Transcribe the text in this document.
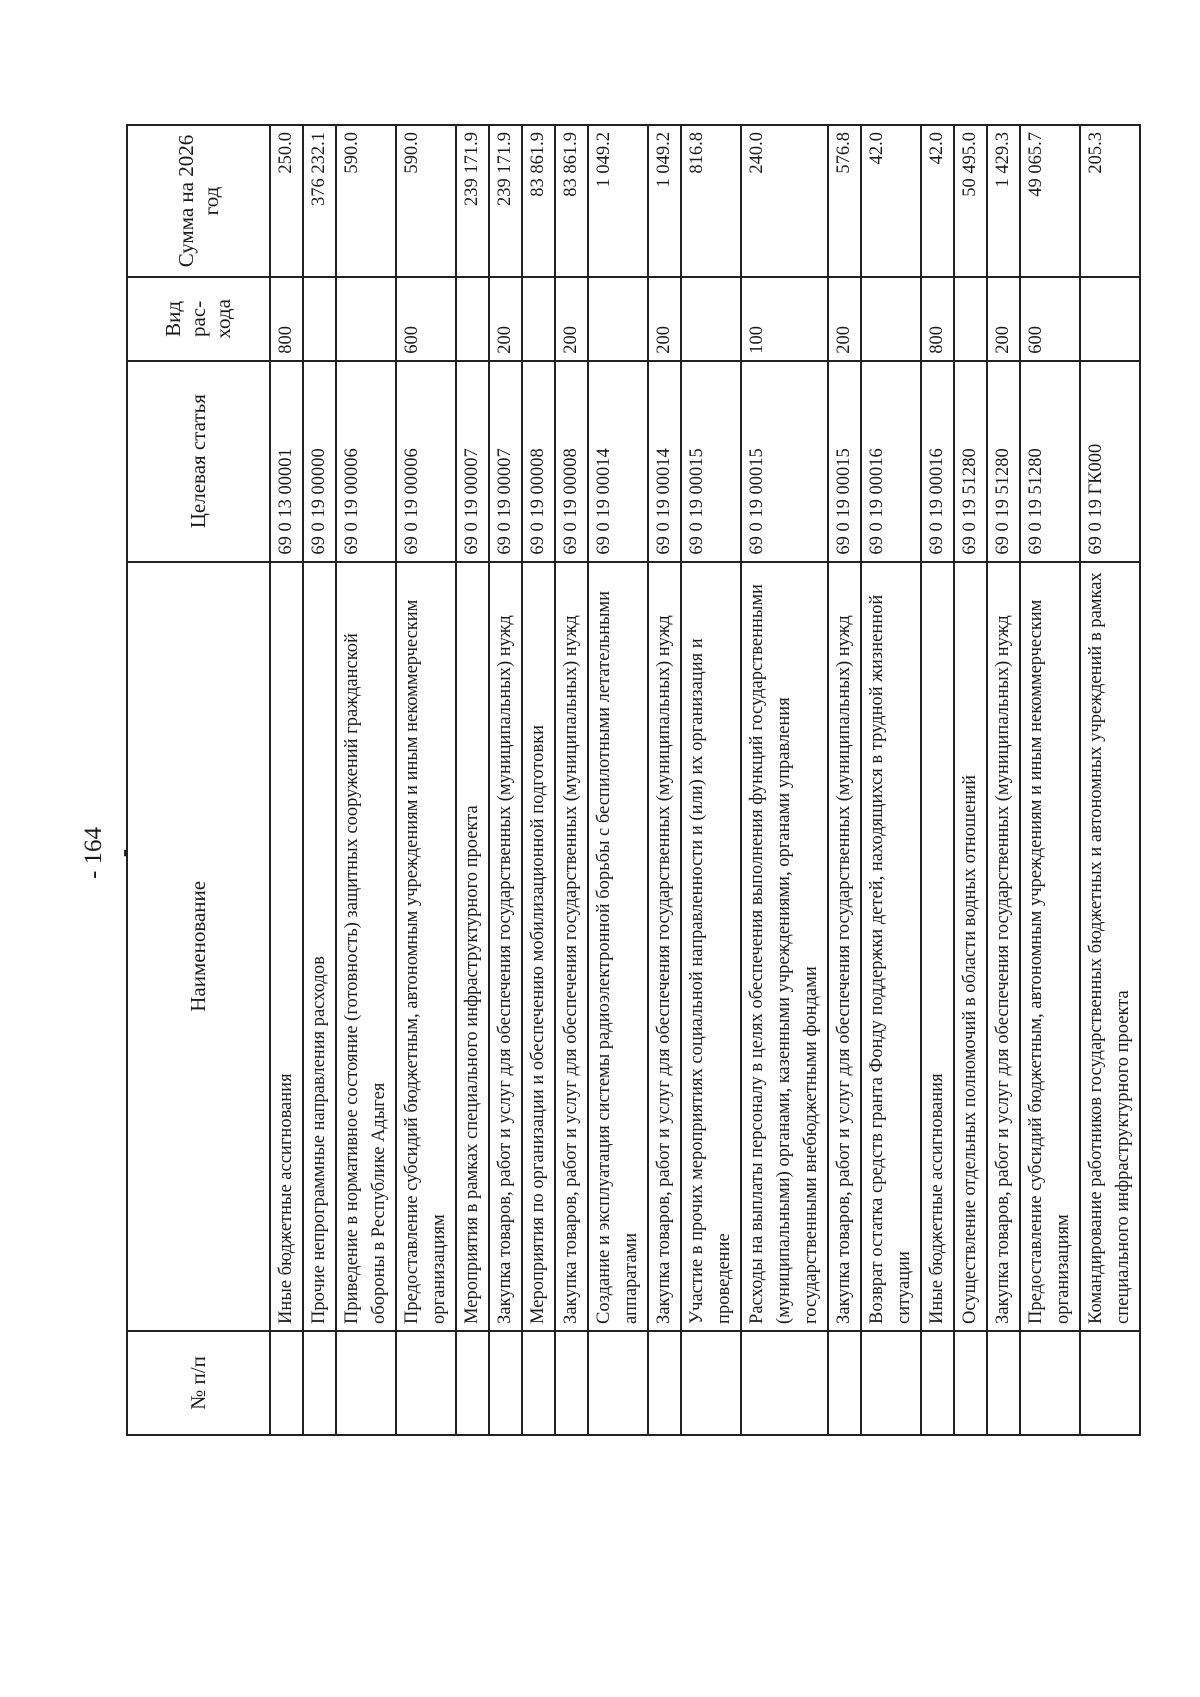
- 164 -
№ п/п	Наименование	Целевая статья	Вид рас-хода	Сумма на 2026 год
	Иные бюджетные ассигнования	69 0 13 00001	800	250.0
	Прочие непрограммные направления расходов	69 0 19 00000		376 232.1
	Приведение в нормативное состояние (готовность) защитных сооружений гражданской обороны в Республике Адыгея	69 0 19 00006		590.0
	Предоставление субсидий бюджетным, автономным учреждениям и иным некоммерческим организациям	69 0 19 00006	600	590.0
	Мероприятия в рамках специального инфраструктурного проекта	69 0 19 00007		239 171.9
	Закупка товаров, работ и услуг для обеспечения государственных (муниципальных) нужд	69 0 19 00007	200	239 171.9
	Мероприятия по организации и обеспечению мобилизационной подготовки	69 0 19 00008		83 861.9
	Закупка товаров, работ и услуг для обеспечения государственных (муниципальных) нужд	69 0 19 00008	200	83 861.9
	Создание и эксплуатация системы радиоэлектронной борьбы с беспилотными летательными аппаратами	69 0 19 00014		1 049.2
	Закупка товаров, работ и услуг для обеспечения государственных (муниципальных) нужд	69 0 19 00014	200	1 049.2
	Участие в прочих мероприятиях социальной направленности и (или) их организация и проведение	69 0 19 00015		816.8
	Расходы на выплаты персоналу в целях обеспечения выполнения функций государственными (муниципальными) органами, казенными учреждениями, органами управления государственными внебюджетными фондами	69 0 19 00015	100	240.0
	Закупка товаров, работ и услуг для обеспечения государственных (муниципальных) нужд	69 0 19 00015	200	576.8
	Возврат остатка средств гранта Фонду поддержки детей, находящихся в трудной жизненной ситуации	69 0 19 00016		42.0
	Иные бюджетные ассигнования	69 0 19 00016	800	42.0
	Осуществление отдельных полномочий в области водных отношений	69 0 19 51280		50 495.0
	Закупка товаров, работ и услуг для обеспечения государственных (муниципальных) нужд	69 0 19 51280	200	1 429.3
	Предоставление субсидий бюджетным, автономным учреждениям и иным некоммерческим организациям	69 0 19 51280	600	49 065.7
	Командирование работников государственных бюджетных и автономных учреждений в рамках специального инфраструктурного проекта	69 0 19 ГК000		205.3
